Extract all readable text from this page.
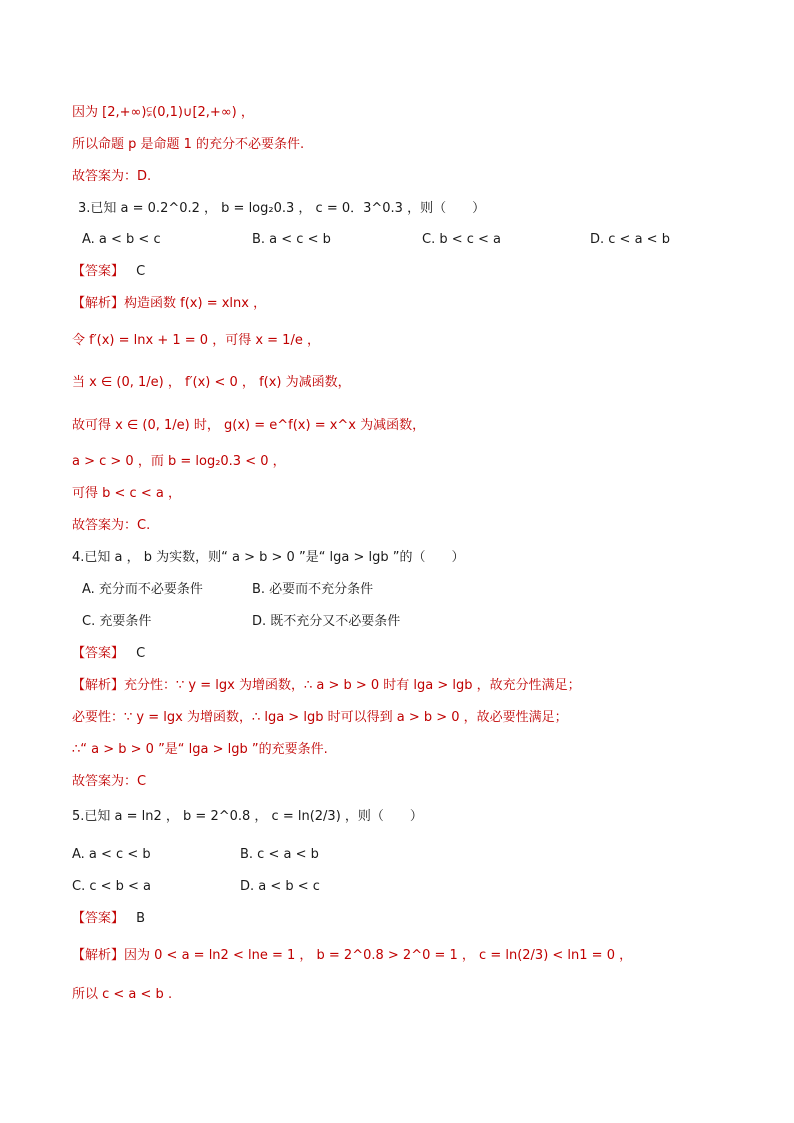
因为 [2,+∞)⫋(0,1)∪[2,+∞) ，
所以命题 p 是命题 1 的充分不必要条件.
故答案为：D.
3.已知 a = 0.2^0.2 ， b = log₂0.3 ， c = 0．3^0.3 ，则（　　）
A. a < b < c	B. a < c < b	C. b < c < a	D. c < a < b
【答案】 C
【解析】构造函数 f(x) = xlnx ，
令 f′(x) = lnx + 1 = 0 ，可得 x = 1/e ，
当 x ∈ (0, 1/e) ， f′(x) < 0 ， f(x) 为减函数，
故可得 x ∈ (0, 1/e) 时， g(x) = e^f(x) = x^x 为减函数，
a > c > 0 ，而 b = log₂0.3 < 0 ，
可得 b < c < a ，
故答案为：C.
4.已知 a ， b 为实数，则“ a > b > 0 ”是“ lga > lgb ”的（　　）
A. 充分而不必要条件	B. 必要而不充分条件
C. 充要条件	D. 既不充分又不必要条件
【答案】 C
【解析】充分性：∵ y = lgx 为增函数，∴ a > b > 0 时有 lga > lgb ，故充分性满足；
必要性：∵ y = lgx 为增函数，∴ lga > lgb 时可以得到 a > b > 0 ，故必要性满足；
∴“ a > b > 0 ”是“ lga > lgb ”的充要条件.
故答案为：C
5.已知 a = ln2 ， b = 2^0.8 ， c = ln(2/3) ，则（　　）
A. a < c < b	B. c < a < b
C. c < b < a	D. a < b < c
【答案】 B
【解析】因为 0 < a = ln2 < lne = 1 ， b = 2^0.8 > 2^0 = 1 ， c = ln(2/3) < ln1 = 0 ，
所以 c < a < b .
